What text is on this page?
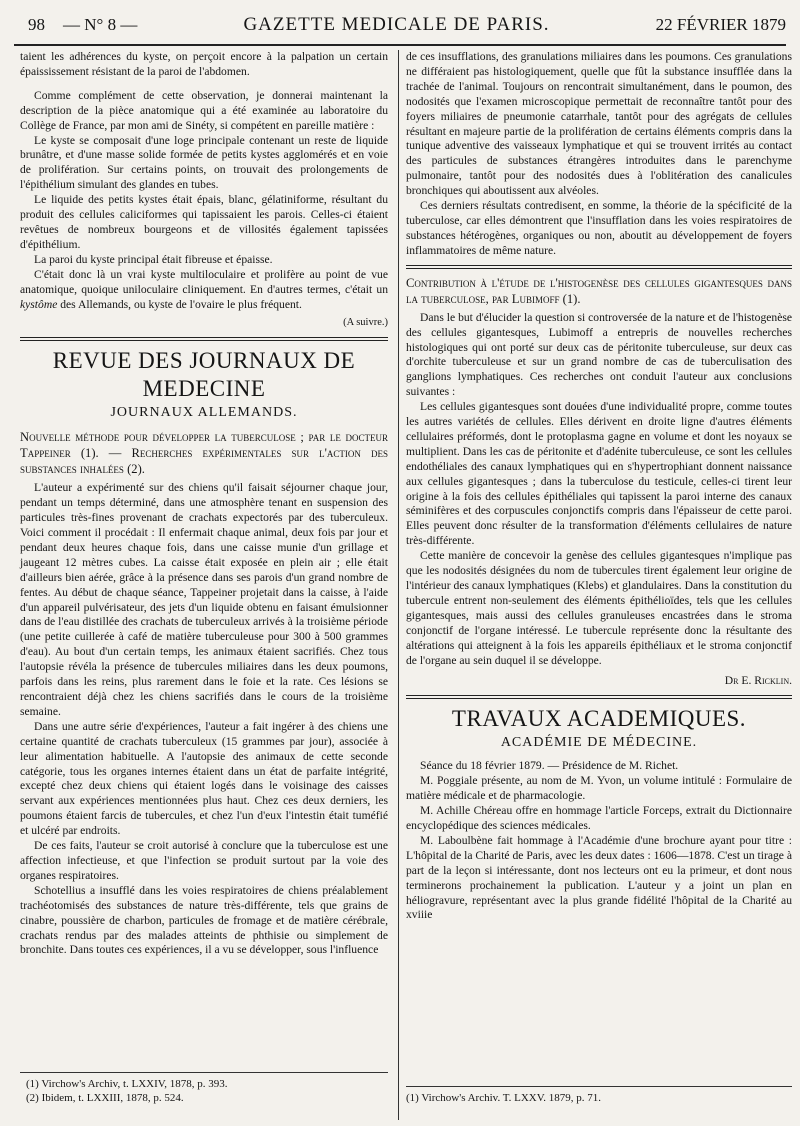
98 — N° 8 —	GAZETTE MEDICALE DE PARIS.	22 FÉVRIER 1879

taient les adhérences du kyste, on perçoit encore à la palpation un certain épaississement résistant de la paroi de l'abdomen.

Comme complément de cette observation, je donnerai maintenant la description de la pièce anatomique qui a été examinée au laboratoire du Collège de France, par mon ami de Sinéty, si compétent en pareille matière :

Le kyste se composait d'une loge principale contenant un reste de liquide brunâtre, et d'une masse solide formée de petits kystes agglomérés et en voie de prolifération. Sur certains points, on trouvait des prolongements de l'épithélium simulant des glandes en tubes.

Le liquide des petits kystes était épais, blanc, gélatiniforme, résultant du produit des cellules caliciformes qui tapissaient les parois. Celles-ci étaient revêtues de nombreux bourgeons et de villosités également tapissées d'épithélium.

La paroi du kyste principal était fibreuse et épaisse.

C'était donc là un vrai kyste multiloculaire et prolifère au point de vue anatomique, quoique uniloculaire cliniquement. En d'autres termes, c'était un kystôme des Allemands, ou kyste de l'ovaire le plus fréquent.

(A suivre.)
REVUE DES JOURNAUX DE MEDECINE
JOURNAUX ALLEMANDS.

Nouvelle méthode pour développer la tuberculose ; par le docteur Tappeiner (1). — Recherches expérimentales sur l'action des substances inhalées (2).

L'auteur a expérimenté sur des chiens qu'il faisait séjourner chaque jour, pendant un temps déterminé, dans une atmosphère tenant en suspension des particules très-fines provenant de crachats expectorés par des tuberculeux. Voici comment il procédait : Il enfermait chaque animal, deux fois par jour et pendant deux heures chaque fois, dans une caisse munie d'un grillage et jaugeant 12 mètres cubes. La caisse était exposée en plein air ; elle était d'ailleurs bien aérée, grâce à la présence dans ses parois d'un grand nombre de fentes. Au début de chaque séance, Tappeiner projetait dans la caisse, à l'aide d'un appareil pulvérisateur, des jets d'un liquide obtenu en faisant émulsionner dans de l'eau distillée des crachats de tuberculeux arrivés à la troisième période (une petite cuillerée à café de matière tuberculeuse pour 300 à 500 grammes d'eau). Au bout d'un certain temps, les animaux étaient sacrifiés. Chez tous l'autopsie révéla la présence de tubercules miliaires dans les deux poumons, parfois dans les reins, plus rarement dans le foie et la rate. Ces lésions se rencontraient déjà chez les chiens sacrifiés dans le cours de la troisième semaine.

Dans une autre série d'expériences, l'auteur a fait ingérer à des chiens une certaine quantité de crachats tuberculeux (15 grammes par jour), associée à leur alimentation habituelle. A l'autopsie des animaux de cette seconde catégorie, tous les organes internes étaient dans un état de parfaite intégrité, excepté chez deux chiens qui étaient logés dans le voisinage des caisses servant aux expériences mentionnées plus haut. Chez ces deux derniers, les poumons étaient farcis de tubercules, et chez l'un d'eux l'intestin était tuméfié et ulcéré par endroits.

De ces faits, l'auteur se croit autorisé à conclure que la tuberculose est une affection infectieuse, et que l'infection se produit surtout par la voie des organes respiratoires.

Schotellius a insufflé dans les voies respiratoires de chiens préalablement trachéotomisés des substances de nature très-différente, tels que grains de cinabre, poussière de charbon, particules de fromage et de matière cérébrale, crachats rendus par des malades atteints de phthisie ou simplement de bronchite. Dans toutes ces expériences, il a vu se développer, sous l'influence

de ces insufflations, des granulations miliaires dans les poumons. Ces granulations ne différaient pas histologiquement, quelle que fût la substance insufflée dans la trachée de l'animal. Toujours on rencontrait simultanément, dans le poumon, des nodosités que l'examen microscopique permettait de reconnaître tantôt pour des foyers miliaires de pneumonie catarrhale, tantôt pour des agrégats de cellules résultant en majeure partie de la prolifération de certains éléments compris dans la tunique adventive des vaisseaux lymphatique et qui se trouvent irrités au contact des particules de substances étrangères introduites dans le parenchyme pulmonaire, tantôt pour des nodosités dues à l'oblitération des canalicules bronchiques qui aboutissent aux alvéoles.

Ces derniers résultats contredisent, en somme, la théorie de la spécificité de la tuberculose, car elles démontrent que l'insufflation dans les voies respiratoires de substances hétérogènes, organiques ou non, aboutit au développement de foyers inflammatoires de même nature.

Contribution à l'étude de l'histogenèse des cellules gigantesques dans la tuberculose, par Lubimoff (1).

Dans le but d'élucider la question si controversée de la nature et de l'histogenèse des cellules gigantesques, Lubimoff a entrepris de nouvelles recherches histologiques qui ont porté sur deux cas de péritonite tuberculeuse, sur deux cas d'orchite tuberculeuse et sur un grand nombre de cas de tuberculisation des ganglions lymphatiques. Ces recherches ont conduit l'auteur aux conclusions suivantes :

Les cellules gigantesques sont douées d'une individualité propre, comme toutes les autres variétés de cellules. Elles dérivent en droite ligne d'autres éléments cellulaires préformés, dont le protoplasma gagne en volume et dont les noyaux se multiplient. Dans les cas de péritonite et d'adénite tuberculeuse, ce sont les cellules endothéliales des canaux lymphatiques qui en s'hypertrophiant donnent naissance aux cellules gigantesques ; dans la tuberculose du testicule, celles-ci tirent leur origine à la fois des cellules épithéliales qui tapissent la paroi interne des canaux séminifères et des corpuscules conjonctifs compris dans l'épaisseur de cette paroi. Elles peuvent donc résulter de la transformation d'éléments cellulaires de nature très-différente.

Cette manière de concevoir la genèse des cellules gigantesques n'implique pas que les nodosités désignées du nom de tubercules tirent également leur origine de l'intérieur des canaux lymphatiques (Klebs) et glandulaires. Dans la constitution du tubercule entrent non-seulement des éléments épithélioïdes, tels que les cellules gigantesques, mais aussi des cellules granuleuses encastrées dans le stroma conjonctif de l'organe intéressé. Le tubercule représente donc la résultante des altérations qui atteignent à la fois les appareils épithéliaux et le stroma conjonctif de l'organe au sein duquel il se développe.

Dr E. Ricklin.
TRAVAUX ACADEMIQUES.
ACADÉMIE DE MÉDECINE.

Séance du 18 février 1879. — Présidence de M. Richet.

M. Poggiale présente, au nom de M. Yvon, un volume intitulé : Formulaire de matière médicale et de pharmacologie.

M. Achille Chéreau offre en hommage l'article Forceps, extrait du Dictionnaire encyclopédique des sciences médicales.

M. Laboulbène fait hommage à l'Académie d'une brochure ayant pour titre : L'hôpital de la Charité de Paris, avec les deux dates : 1606—1878. C'est un tirage à part de la leçon si intéressante, dont nos lecteurs ont eu la primeur, et dont nous terminerons prochainement la publication. L'auteur y a joint un plan en héliogravure, représentant avec la plus grande fidélité l'hôpital de la Charité au xviiie

(1) Virchow's Archiv, t. LXXIV, 1878, p. 393.
(2) Ibidem, t. LXXIII, 1878, p. 524.	(1) Virchow's Archiv. T. LXXV. 1879, p. 71.
